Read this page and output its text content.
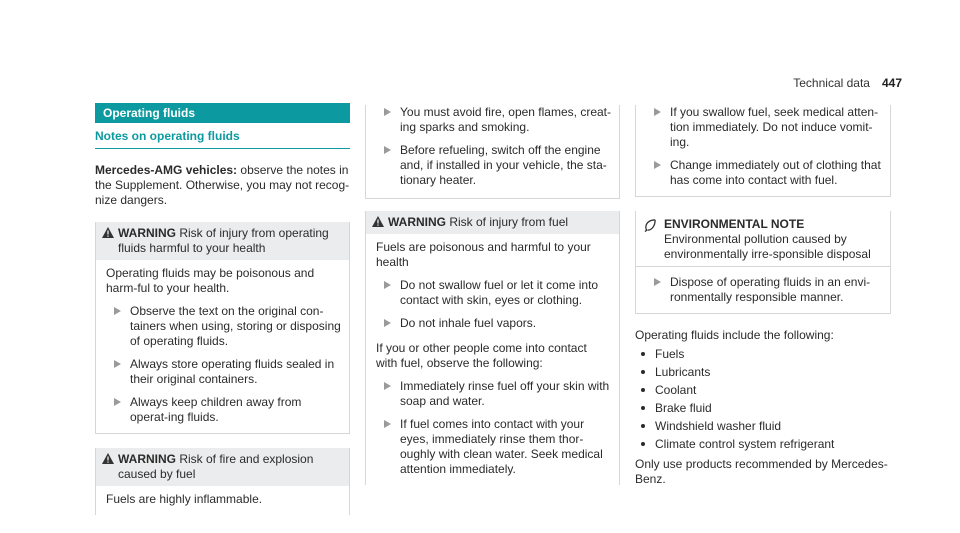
Technical data 447
Operating fluids
Notes on operating fluids

Mercedes-AMG vehicles: observe the notes in the Supplement. Otherwise, you may not recog-nize dangers.

WARNING Risk of injury from operating fluids harmful to your health

Operating fluids may be poisonous and harm-ful to your health.

Observe the text on the original con-tainers when using, storing or disposing of operating fluids.
Always store operating fluids sealed in their original containers.
Always keep children away from operat-ing fluids.
WARNING Risk of fire and explosion caused by fuel

Fuels are highly inflammable.

You must avoid fire, open flames, creat-ing sparks and smoking.
Before refueling, switch off the engine and, if installed in your vehicle, the sta-tionary heater.
WARNING Risk of injury from fuel

Fuels are poisonous and harmful to your health

Do not swallow fuel or let it come into contact with skin, eyes or clothing.
Do not inhale fuel vapors.

If you or other people come into contact with fuel, observe the following:

Immediately rinse fuel off your skin with soap and water.
If fuel comes into contact with your eyes, immediately rinse them thor-oughly with clean water. Seek medical attention immediately.
If you swallow fuel, seek medical atten-tion immediately. Do not induce vomit-ing.
Change immediately out of clothing that has come into contact with fuel.
ENVIRONMENTAL NOTE Environmental pollution caused by environmentally irre-sponsible disposal
Dispose of operating fluids in an envi-ronmentally responsible manner.

Operating fluids include the following:

Fuels
Lubricants
Coolant
Brake fluid
Windshield washer fluid
Climate control system refrigerant

Only use products recommended by Mercedes-Benz.
